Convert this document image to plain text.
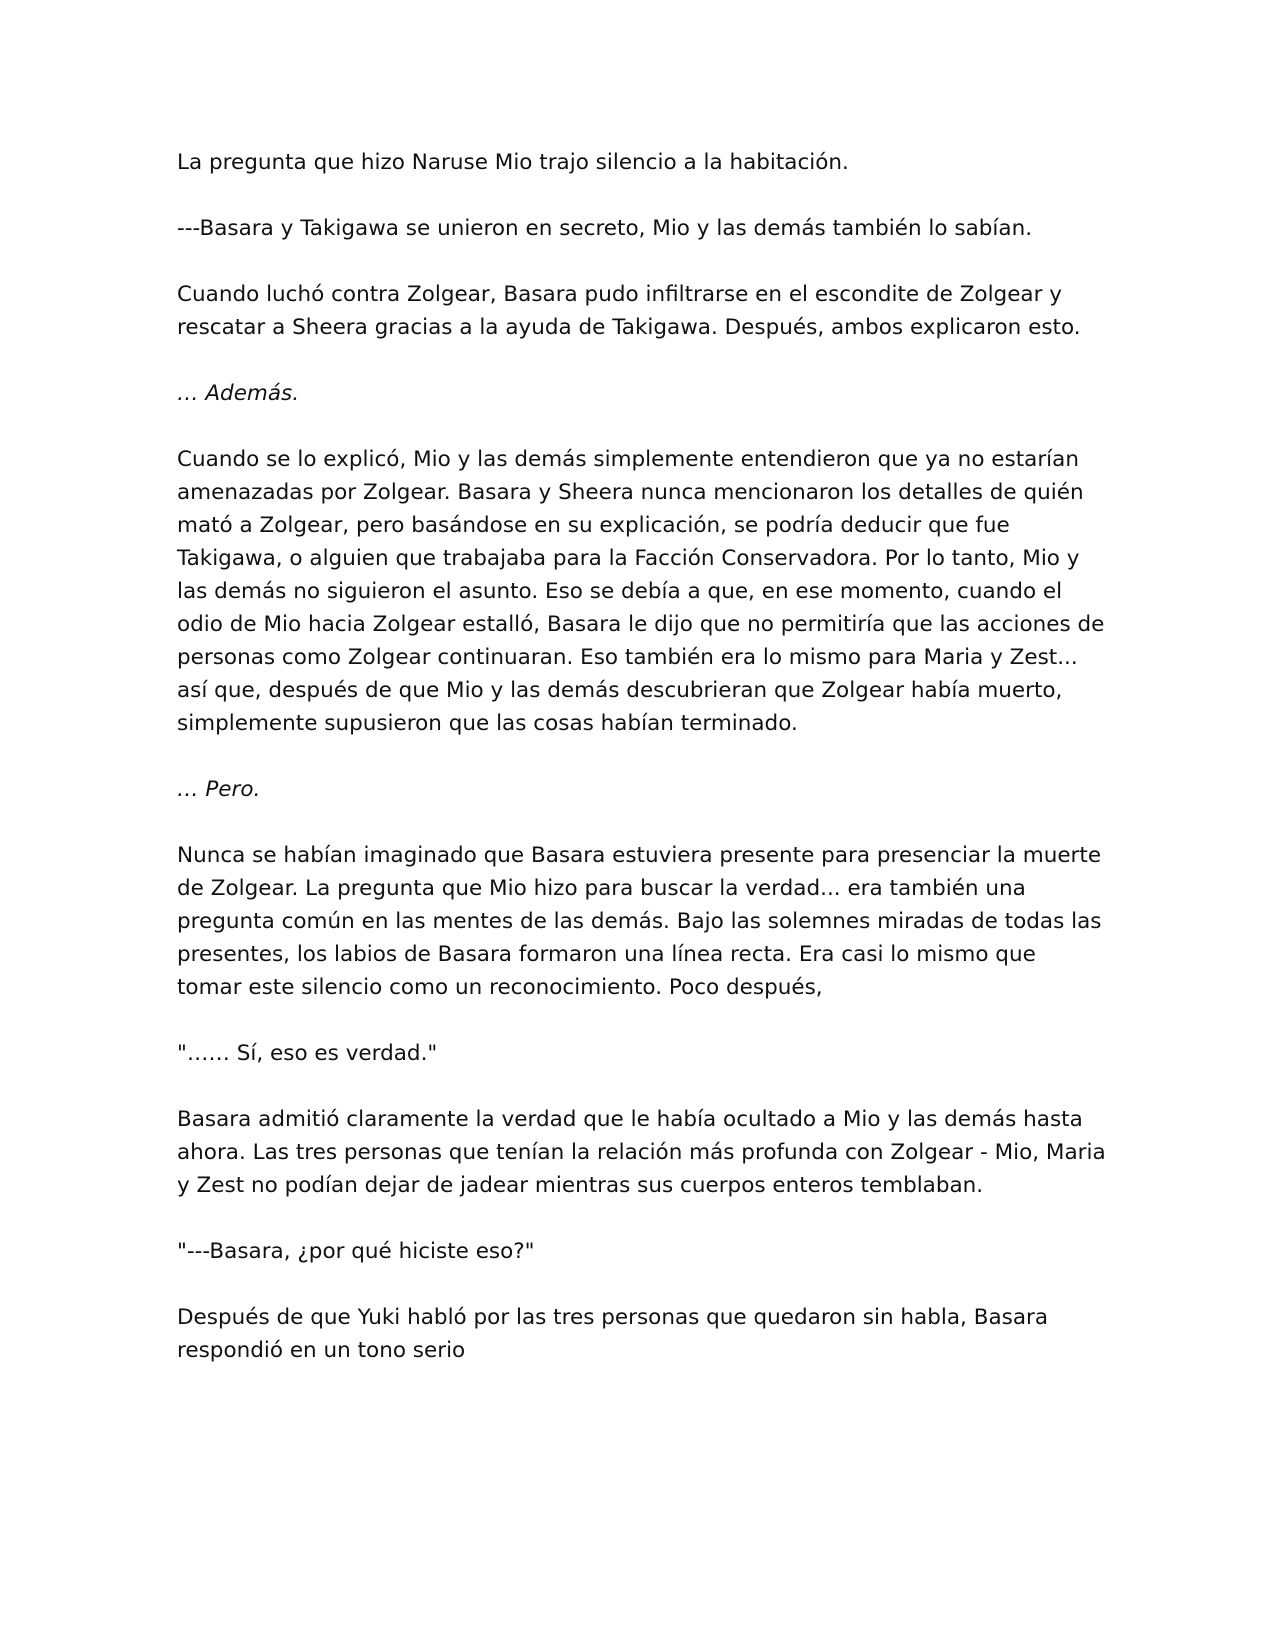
La pregunta que hizo Naruse Mio trajo silencio a la habitación.

---Basara y Takigawa se unieron en secreto, Mio y las demás también lo sabían.

Cuando luchó contra Zolgear, Basara pudo infiltrarse en el escondite de Zolgear y rescatar a Sheera gracias a la ayuda de Takigawa. Después, ambos explicaron esto.

… Además.

Cuando se lo explicó, Mio y las demás simplemente entendieron que ya no estarían amenazadas por Zolgear. Basara y Sheera nunca mencionaron los detalles de quién mató a Zolgear, pero basándose en su explicación, se podría deducir que fue Takigawa, o alguien que trabajaba para la Facción Conservadora. Por lo tanto, Mio y las demás no siguieron el asunto. Eso se debía a que, en ese momento, cuando el odio de Mio hacia Zolgear estalló, Basara le dijo que no permitiría que las acciones de personas como Zolgear continuaran. Eso también era lo mismo para Maria y Zest... así que, después de que Mio y las demás descubrieran que Zolgear había muerto, simplemente supusieron que las cosas habían terminado.

… Pero.

Nunca se habían imaginado que Basara estuviera presente para presenciar la muerte de Zolgear. La pregunta que Mio hizo para buscar la verdad... era también una pregunta común en las mentes de las demás. Bajo las solemnes miradas de todas las presentes, los labios de Basara formaron una línea recta. Era casi lo mismo que tomar este silencio como un reconocimiento. Poco después,

"…… Sí, eso es verdad."

Basara admitió claramente la verdad que le había ocultado a Mio y las demás hasta ahora. Las tres personas que tenían la relación más profunda con Zolgear - Mio, Maria y Zest no podían dejar de jadear mientras sus cuerpos enteros temblaban.

"---Basara, ¿por qué hiciste eso?"

Después de que Yuki habló por las tres personas que quedaron sin habla, Basara respondió en un tono serio
